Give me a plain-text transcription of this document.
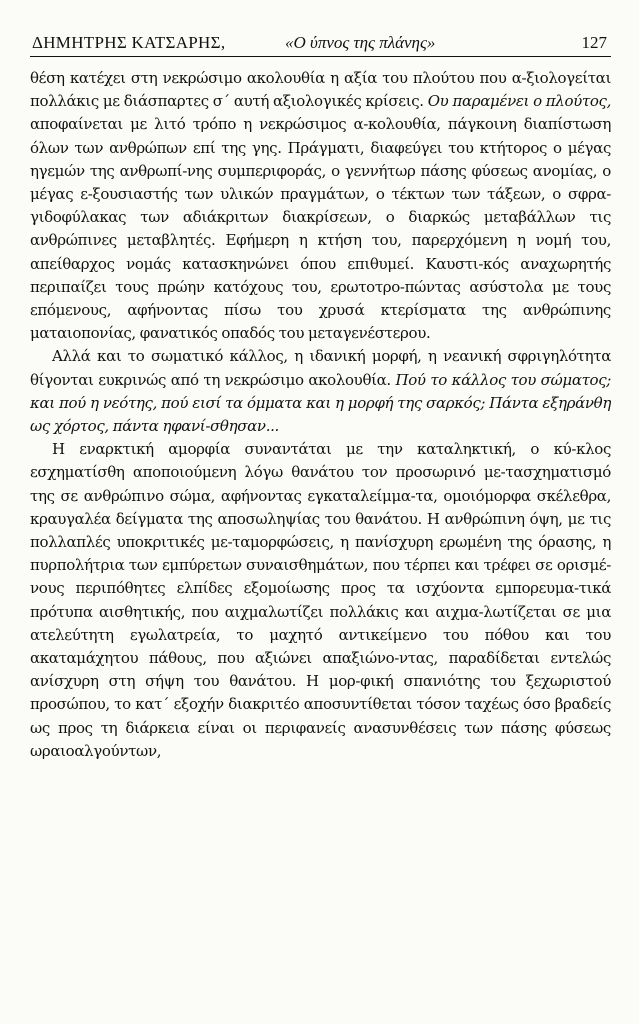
ΔΗΜΗΤΡΗΣ ΚΑΤΣΑΡΗΣ,	«Ο ύπνος της πλάνης»	127

θέση κατέχει στη νεκρώσιμο ακολουθία η αξία του πλούτου που α-ξιολογείται πολλάκις με διάσπαρτες σ΄ αυτή αξιολογικές κρίσεις. Ου παραμένει ο πλούτος, αποφαίνεται με λιτό τρόπο η νεκρώσιμος α-κολουθία, πάγκοινη διαπίστωση όλων των ανθρώπων επί της γης. Πράγματι, διαφεύγει του κτήτορος ο μέγας ηγεμών της ανθρωπί-νης συμπεριφοράς, ο γεννήτωρ πάσης φύσεως ανομίας, ο μέγας ε-ξουσιαστής των υλικών πραγμάτων, ο τέκτων των τάξεων, ο σφρα-γιδοφύλακας των αδιάκριτων διακρίσεων, ο διαρκώς μεταβάλλων τις ανθρώπινες μεταβλητές. Εφήμερη η κτήση του, παρερχόμενη η νομή του, απείθαρχος νομάς κατασκηνώνει όπου επιθυμεί. Καυστι-κός αναχωρητής περιπαίζει τους πρώην κατόχους του, ερωτοτρο-πώντας ασύστολα με τους επόμενους, αφήνοντας πίσω του χρυσά κτερίσματα της ανθρώπινης ματαιοπονίας, φανατικός οπαδός του μεταγενέστερου.

Αλλά και το σωματικό κάλλος, η ιδανική μορφή, η νεανική σφριγηλότητα θίγονται ευκρινώς από τη νεκρώσιμο ακολουθία. Πού το κάλλος του σώματος; και πού η νεότης, πού εισί τα όμματα και η μορφή της σαρκός; Πάντα εξηράνθη ως χόρτος, πάντα ηφανί-σθησαν...

Η εναρκτική αμορφία συναντάται με την καταληκτική, ο κύ-κλος εσχηματίσθη αποποιούμενη λόγω θανάτου τον προσωρινό με-τασχηματισμό της σε ανθρώπινο σώμα, αφήνοντας εγκαταλείμμα-τα, ομοιόμορφα σκέλεθρα, κραυγαλέα δείγματα της αποσωληψίας του θανάτου. Η ανθρώπινη όψη, με τις πολλαπλές υποκριτικές με-ταμορφώσεις, η πανίσχυρη ερωμένη της όρασης, η πυρπολήτρια των εμπύρετων συναισθημάτων, που τέρπει και τρέφει σε ορισμέ-νους περιπόθητες ελπίδες εξομοίωσης προς τα ισχύοντα εμπορευμα-τικά πρότυπα αισθητικής, που αιχμαλωτίζει πολλάκις και αιχμα-λωτίζεται σε μια ατελεύτητη εγωλατρεία, το μαχητό αντικείμενο του πόθου και του ακαταμάχητου πάθους, που αξιώνει απαξιώνο-ντας, παραδίδεται εντελώς ανίσχυρη στη σήψη του θανάτου. Η μορ-φική σπανιότης του ξεχωριστού προσώπου, το κατ΄ εξοχήν διακριτέο αποσυντίθεται τόσον ταχέως όσο βραδείς ως προς τη διάρκεια είναι οι περιφανείς ανασυνθέσεις των πάσης φύσεως ωραιοαλγούντων,
